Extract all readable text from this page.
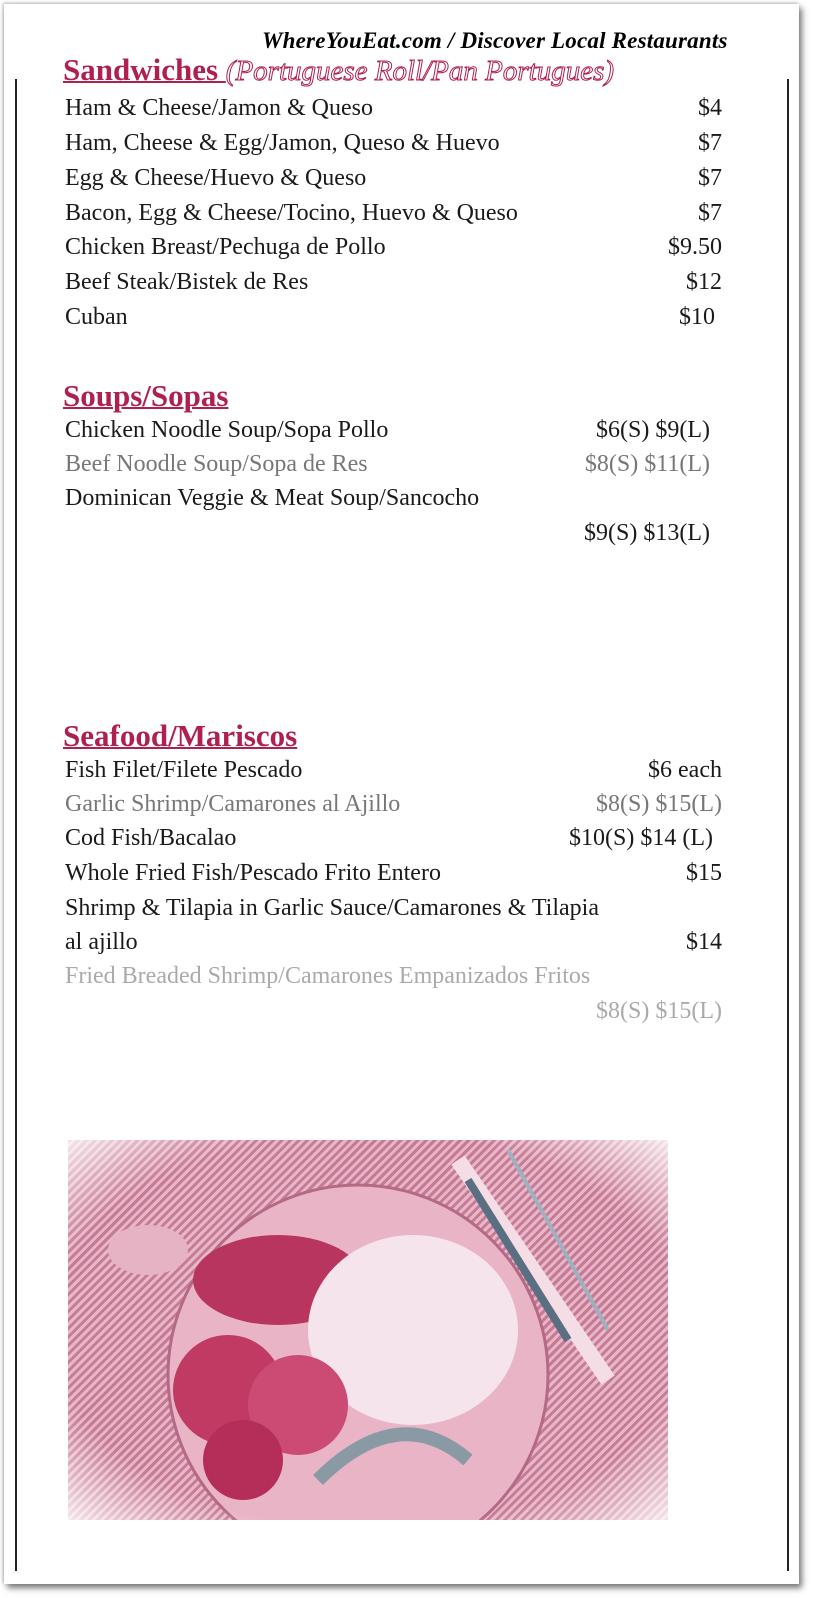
WhereYouEat.com / Discover Local Restaurants
Sandwiches (Portuguese Roll/Pan Portugues)
Ham & Cheese/Jamon & Queso	$4
Ham, Cheese & Egg/Jamon, Queso & Huevo	$7
Egg & Cheese/Huevo & Queso	$7
Bacon, Egg & Cheese/Tocino, Huevo & Queso	$7
Chicken Breast/Pechuga de Pollo	$9.50
Beef Steak/Bistek de Res	$12
Cuban	$10
Soups/Sopas
Chicken Noodle Soup/Sopa Pollo	$6(S) $9(L)
Beef Noodle Soup/Sopa de Res	$8(S) $11(L)
Dominican Veggie & Meat Soup/Sancocho
$9(S) $13(L)
Seafood/Mariscos
Fish Filet/Filete Pescado	$6 each
Garlic Shrimp/Camarones al Ajillo	$8(S) $15(L)
Cod Fish/Bacalao	$10(S) $14 (L)
Whole Fried Fish/Pescado Frito Entero	$15
Shrimp & Tilapia in Garlic Sauce/Camarones & Tilapia
al ajillo	$14
Fried Breaded Shrimp/Camarones Empanizados Fritos
$8(S) $15(L)
